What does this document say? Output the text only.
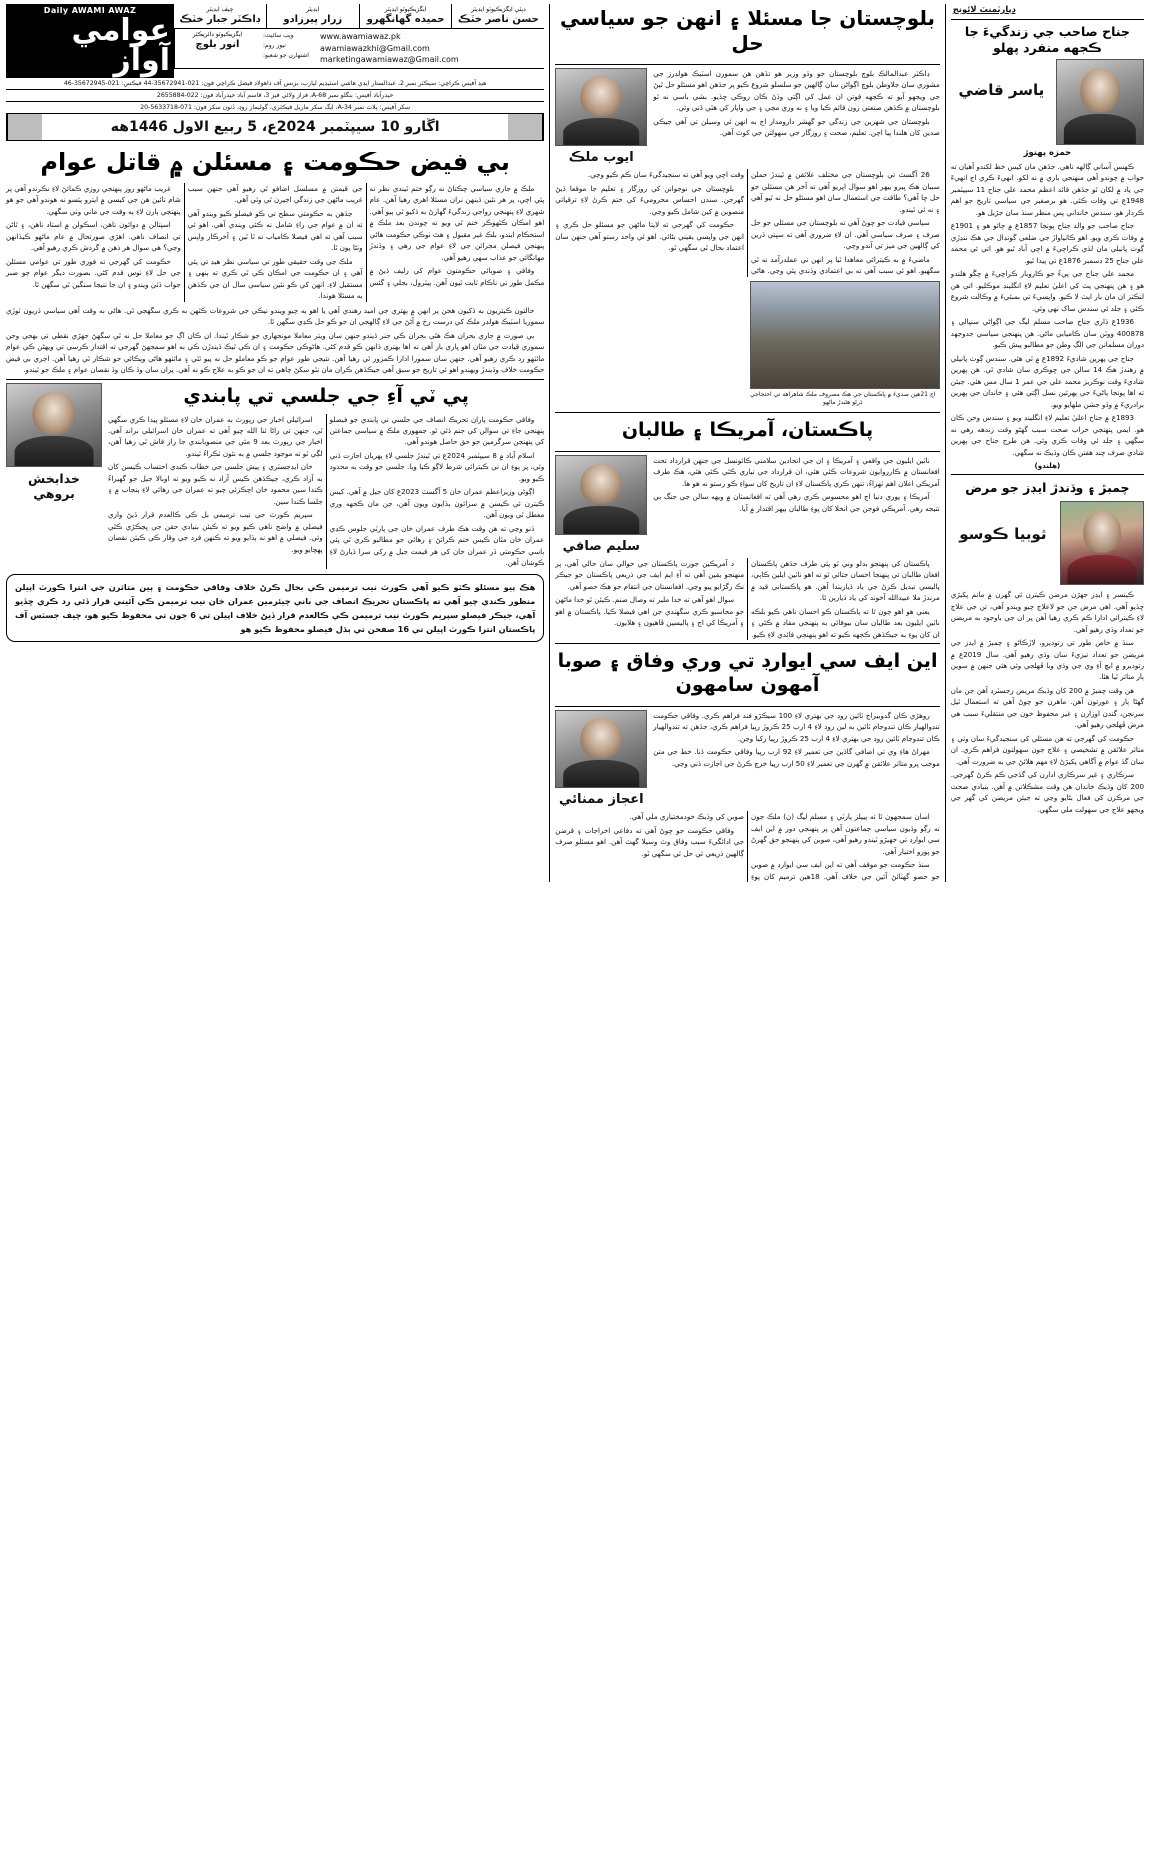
ڊپارٽمنٽ لائونج
جناح صاحب جي زندگيءَ جا ڪجهه منفرد پهلو
ياسر قاضي
حمزه پهنوڙ

ڪهنس آساني ڳالهه ناهي. جڏهن مان کيس خط لکندو آهيان ته جواب ۾ چوندو آهي منهنجي باري ۾ نه لکو. انهيءَ ڪري اڄ انهيءَ جي ياد ۾ لکان ٿو جڏهن قائد اعظم محمد علي جناح 11 سيپٽمبر 1948ع تي وفات ڪئي. هو برصغير جي سياسي تاريخ جو اهم ڪردار هو. سندس خانداني پس منظر سنڌ سان جڙيل هو.

جناح صاحب جو والد جناح پونجا 1857ع ۾ ڄائو هو ۽ 1901ع ۾ وفات ڪري ويو. اهو ڪاٺياواڙ جي ضلعي گونڊال جي هڪ ننڍڙي ڳوٺ پانيلي مان لڏي ڪراچيءَ ۾ اچي آباد ٿيو هو. اتي ئي محمد علي جناح 25 ڊسمبر 1876ع تي پيدا ٿيو.

محمد علي جناح جي پيءُ جو ڪاروبار ڪراچيءَ ۾ چڱو هلندو هو ۽ هن پنهنجي پٽ کي اعليٰ تعليم لاءِ انگلينڊ موڪليو. اتي هن لنڪنز ان مان بار ايٽ لا ڪيو. واپسيءَ تي بمبئيءَ ۾ وڪالت شروع ڪئي ۽ جلد ئي سندس ساک ٺهي وئي.

1936ع ڌاري جناح صاحب مسلم ليگ جي اڳواڻي سنڀالي ۽ 400878 ووٽن سان ڪاميابي ماڻي. هن پنهنجي سياسي جدوجهد دوران مسلمانن جي الڳ وطن جو مطالبو پيش ڪيو.

جناح جي پهرين شاديءَ 1892ع ۾ ٿي هئي. سندس ڳوٺ پانيلي ۾ رهندڙ هڪ 14 سالن جي ڇوڪري سان شادي ٿي. هن پهرين شاديءَ وقت نوڪريز محمد علي جي عمر 1 سال مس هئي. جيئن ته اها پونجا پاڻيءَ جي پهرئين نسل اڳتي هئي ۽ خاندان جي پهرين برادريءَ ۾ وڏو جشن ملهايو ويو.

1893ع ۾ جناح اعليٰ تعليم لاءِ انگلينڊ ويو ۽ سندس وحن ڪان هو. ايمي پنهنجي خراب صحت سبب گهڻو وقت زندهه رهي نه سگهي ۽ جلد ئي وفات ڪري وئي. هن طرح جناح جي پهرين شادي صرف چند هفتن ڪان وڌيڪ نه سگهي.

(هلندو)

چمبڙ ۽ وڌندڙ ايڊز جو مرض
ثوبيا ڪوسو

ڪينسر ۽ ايڊز جهڙن مرضن ڪيترن ئي گهرن ۾ ماتم پکيڙي ڇڏيو آهي. اهي مرض جن جو لاعلاج چيو ويندو آهي، تن جي علاج لاءِ ڪيترائي ادارا ڪم ڪري رهيا آهن پر ان جي باوجود به مريضن جو تعداد وڌي رهيو آهي.

سنڌ ۾ خاص طور تي رتوديرو، لاڙڪاڻو ۽ چمبڙ ۾ ايڊز جي مريضن جو تعداد تيزيءَ سان وڌي رهيو آهي. سال 2019ع ۾ رتوديرو ۾ ايڇ آءِ وي جي وڏي وبا ڦهلجي وئي هئي جنهن ۾ سوين ٻار متاثر ٿيا هئا.

هن وقت چمبڙ ۾ 200 کان وڌيڪ مريض رجسٽرڊ آهن جن مان گهڻا ٻار ۽ عورتون آهن. ماهرن جو چوڻ آهي ته استعمال ٿيل سرنجن، گندن اوزارن ۽ غير محفوظ خون جي منتقليءَ سبب هي مرض ڦهلجي رهيو آهي.

حڪومت کي گهرجي ته هن مسئلي کي سنجيدگيءَ سان وٺي ۽ متاثر علائقن ۾ تشخيصي ۽ علاج جون سهولتون فراهم ڪري. ان سان گڏ عوام ۾ آگاهي پکيڙڻ لاءِ مهم هلائڻ جي به ضرورت آهي.

سرڪاري ۽ غير سرڪاري ادارن کي گڏجي ڪم ڪرڻ گهرجي. 200 کان وڌيڪ خاندان هن وقت مشڪلاتن ۾ آهن. بنيادي صحت جي مرڪزن کي فعال بڻايو وڃي ته جيئن مريضن کي گهر جي ويجهو علاج جي سهولت ملي سگهي.

بلوچستان جا مسئلا ۽ انهن جو سياسي حل

ڊاڪٽر عبدالمالڪ بلوچ بلوچستان جو وڏو وزير هو تڏهن هن سمورن اسٽيڪ هولڊرز جي مشوري سان جلاوطن بلوچ اڳواڻن سان ڳالهين جو سلسلو شروع ڪيو پر جڏهن اهو مسئلو حل ٿيڻ جي ويجهو آيو ته ڪجهه قوتن ان عمل کي اڳتي وڌڻ ڪان روڪي ڇڏيو. بشي باسي نه ٿو بلوچستان ۾ ڪڏهن صنعتي زون قائم ڪيا ويا ۽ نه وري مڃي ۽ جي واپار کي هٿي ڏني وئي.

بلوچستان جي شهرين جي زندگي جو گهشر دارومدار اڄ به انهن ئي وسيلن تي آهي جيڪي صدين کان هلندا پيا اچن. تعليم، صحت ۽ روزگار جي سهولتن جي کوٽ آهي.

ايوب ملڪ

26 آگسٽ تي بلوچستان جي مختلف علائقن ۾ ٿيندڙ حملن سببان هڪ ڀيرو ٻيهر اهو سوال اڀريو آهي ته آخر هن مسئلي جو حل ڇا آهي؟ طاقت جي استعمال سان اهو مسئلو حل نه ٿيو آهي ۽ نه ئي ٿيندو.

سياسي قيادت جو چوڻ آهي ته بلوچستان جي مسئلي جو حل صرف ۽ صرف سياسي آهي. ان لاءِ ضروري آهي ته سڀني ڌرين کي ڳالهين جي ميز تي آندو وڃي.

ماضيءَ ۾ به ڪيترائي معاهدا ٿيا پر انهن تي عملدرآمد نه ٿي سگهيو. اهو ئي سبب آهي ته بي اعتمادي وڌندي پئي وڃي. هاڻي وقت اچي ويو آهي ته سنجيدگيءَ سان ڪم ڪيو وڃي.

بلوچستان جي نوجوانن کي روزگار ۽ تعليم جا موقعا ڏيڻ گهرجن. سندن احساس محروميءَ کي ختم ڪرڻ لاءِ ترقياتي منصوبن ۾ کين شامل ڪيو وڃي.

حڪومت کي گهرجي ته لاپتا ماڻهن جو مسئلو حل ڪري ۽ انهن جي واپسي يقيني بڻائي. اهو ئي واحد رستو آهي جنهن سان اعتماد بحال ٿي سگهي ٿو.

اڄ 21هين صديءَ ۾ پاڪستان جي هڪ مصروف ملڪ شاهراهه تي احتجاجي ڌرڻو هڻندڙ ماڻهو
پاڪستان، آمريڪا ۽ طالبان

ناٽين ايليون جي واقعي ۽ آمريڪا ۽ ان جي اتحادين سلامتي ڪائونسل جي جنهن قرارداد تحت افغانستان ۾ ڪارروايون شروعات ڪئي هئي، ان قرارداد جي تياري ڪٿي ڪئي هئي، هڪ طرف آمريڪي اعلان اهم ٺهراءُ، تنهن ڪري پاڪستان لاءِ ان تاريخ کان سواءِ ڪو رستو نه هو ها.

آمريڪا ۽ پوري دنيا اڄ اهو محسوس ڪري رهي آهي ته افغانستان ۾ ويهه سالن جي جنگ بي نتيجه رهي. آمريڪي فوجن جي انخلا کان پوءِ طالبان ٻيهر اقتدار ۾ آيا.

سليم صافي

پاڪستان کي پنهنجو بدلو وني ٿو پئي طرف جڏهن پاڪستان افغان طالبان تي پنهنجا احسان جتائي ٿو ته اهو ناٽين ايلين ڪاٻي، پاليسي تبديل ڪرڻ جي ياد ڏياريندا آهن. هو پاڪستاني قيد ۾ مرندڙ ملا عبيدالله آخوند کي ياد ڏيارين ٿا.

يعني هو اهو چون ٿا ته پاڪستان ڪو احسان ناهي ڪيو بلڪه ناٽين ايليون بعد طالبان سان بيوفائي به پنهنجي مفاد ۾ ڪئي ۽ ان کان پوءِ به جيڪڏهن ڪجهه ڪيو ته اهو پنهنجي فائدي لاءِ ڪيو.

د آمريڪين جورت پاڪستان جي حوالي سان حالي آهي، پر منهنجو يقين آهي ته آءِ ايم ايف جي ذريعي پاڪستان جو جيڪر نڪ رگڙايو پيو وڃي. افغانستان جي انتقام جو هڪ حصو آهي.

سوال اهو آهي ته خدا ملير ته وصال صنم. ڪيئن ٿو خدا ماڻهن جو محاسبو ڪري سگهندي جن اهي فيصلا ڪيا. پاڪستان ۾ اهو ۽ آمريڪا کي اڄ ۽ پاليسين ڦاهيون ۽ هلايون.

اين ايف سي ايوارڊ تي وري وفاق ۽ صوبا آمهون سامهون

روهڙي ڪان گدوبيراج ٽائين روڊ جي بهتري لاءِ 100 سيڪڙو فند فراهم ڪري. وفاقي حڪومت تنڊوالهيار ڪان تنڊوجام ٽائين به لين روڊ لاءِ 4 ارب 25 ڪروڙ رپيا فراهم ڪري، جڏهن ته تنڊوالهيار ڪان تنڊوجام ٽائين روڊ جي بهتري لاءِ 4 ارب 25 ڪروڙ رپيا رکيا وڃن.

مهراڻ هاءِ وي تي اضافي گاڏين جي تعمير لاءِ 92 ارب رپيا وفاقي حڪومت ڏنا. خط جي متن موجب ڀرو متاثر علائقن ۾ گهرن جي تعمير لاءِ 50 ارب رپيا خرچ ڪرڻ جي اجازت ڏني وڃي.

اعجاز ممنائي

اسان سمجهون ٿا ته پيپلز پارٽي ۽ مسلم ليگ (ن) ملڪ جون نه رڳو وڏيون سياسي جماعتون آهن پر پنهنجي دور ۾ اين ايف سي ايوارڊ تي جهيڙو ٽيندو رهيو آهي، صوبن کي پنهنجو حق گهرڻ جو پورو اختيار آهي.

سنڌ حڪومت جو موقف آهي ته اين ايف سي ايوارڊ ۾ صوبن جو حصو گهٽائڻ آئين جي خلاف آهي. 18هين ترميم کان پوءِ صوبن کي وڌيڪ خودمختياري ملي آهي.

وفاقي حڪومت جو چوڻ آهي ته دفاعي اخراجات ۽ قرضن جي ادائگيءَ سبب وفاق وٽ وسيلا گهٽ آهن. اهو مسئلو صرف ڳالهين ذريعي ئي حل ٿي سگهي ٿو.

ڊپٽي ايگزيڪيوٽو ايڊيٽر
حسن ناصر خٽڪ
ايگزيڪيوٽو ايڊيٽر
حميده گهانگهرو
ايڊيٽر
زرار پيرزادو
چيف ايڊيٽر
ڊاڪٽر جبار خٽڪ
www.awamiawaz.pk
awamiawazkhi@Gmail.com
marketingawamiawaz@Gmail.com
ويب سائيٽ:
نيوز روم:
اشتهارن جو شعبو:
ايگزيڪيوٽو ڊائريڪٽر
انور بلوچ
Daily AWAMI AWAZ
عوامي آواز
هيڊ آفيس ڪراچي: سيڪٽر نمبر 2، عبدالستار ايڊي هاشي اسٽيڊيم ليارٻ، بزنس آف ڊاهولاڊ فيصل ڪراچي فون: 021-35672941-44 فيڪس: 021-35672945-46
حيدرآباد آفيس: بنگلو نمبر A-68، فراز ولائي فيز 3، قاسم آباد حيدرآباد فون: 022-2655884
سکر آفيس: پلاٽ نمبر A-34، ايگ سکر ماريل فيڪٽري، گوليمار روڊ، ڏٺون سکر فون: 071-5633718-20
اڱارو 10 سيپٽمبر 2024ع، 5 ربيع الاول 1446هه
بي فيض حڪومت ۽ مسئلن ۾ قاتل عوام

ملڪ ۾ جاري سياسي چڪتاڻ نه رڳو ختم ٿيندي نظر نه پئي اچي، پر هر نئين ڏينهن نران مسئلا اهري رهيا آهن. عام شهري لاءِ پنهنجي رواجي زندگيءَ گهارڻ به ڏکيو ٿي پيو آهي. اهو امڪان ڪٿهوڪر ختم ٿي ويو ته چوندن بعد ملڪ ۾ استحڪام ايندو، بلڪ غير مقبول ۽ هٿ ٺوڪي حڪومت هاڻي پنهنجن فيصلن مجرائن جي لاءِ عوام جي رهي ۽ وڌندڙ مهانگائي جو عذاب سهي رهيو آهي.

وفاقي ۽ صوبائي حڪومتون عوام کي رليف ڏيڻ ۾ مڪمل طور تي ناڪام ثابت ٿيون آهن. پيٽرول، بجلي ۽ گئس جي قيمتن ۾ مسلسل اضافو ٿي رهيو آهي جنهن سبب غريب ماڻهن جي زندگي اجيرن ٿي وئي آهي.

جڏهن به حڪومتي سطح تي ڪو فيصلو ڪيو ويندو آهي ته ان ۾ عوام جي راءِ شامل نه ڪئي ويندي آهي. اهو ئي سبب آهي ته اهي فيصلا ڪامياب نه ٿا ٿين ۽ آخرڪار واپس وٺڻا پون ٿا.

ملڪ جي وقت حقيقي طور تي سياسي نظر هيڊ تي پئي آهي ۽ ان حڪومت جي امڪان ڪي ٿي ڪري ته ٻنهي ۽ مستقبل لاءِ. انهن کي ڪو نئين سياسي سال ان جي ڪڏهن به مسئلا هوندا.

غريب ماڻهو روز پنهنجي روزي ڪمائڻ لاءِ نڪرندو آهي پر شام تائين هن جي کيسي ۾ ايترو پئسو نه هوندو آهي جو هو پنهنجي ٻارن لاءِ ٻه وقت جي ماني وٺي سگهي.

اسپتالن ۾ دوائون ناهن، اسڪولن ۾ استاد ناهن، ۽ ٿاڻن تي انصاف ناهي. اهڙي صورتحال ۾ عام ماڻهو ڪيڏانهن وڃي؟ هي سوال هر ذهن ۾ گردش ڪري رهيو آهي.

حڪومت کي گهرجي ته فوري طور تي عوامي مسئلن جي حل لاءِ ٺوس قدم کڻي. بصورت ديگر عوام جو صبر جواب ڏئي ويندو ۽ ان جا نتيجا سنگين ٿي سگهن ٿا.

حالتون ڪيتريون به ڏکيون هجن پر انهن ۾ بهتري جي اميد رهندي آهي يا اهو به چيو ويندو نيڪي جي شروعات ڪٿهن به ڪري سگهجي ٿي. هاڻي به وقت آهي سياسي ڌريون ٽوڙي سموريا اسٽيڪ هولڊر ملڪ کي درست رخ ۾ آڻڻ جي لاءِ ڳالهجي ان جو ڪو حل ڪڍي سگهن ٿا.

بي صورت ۾ جاري بحران هڪ هٿي بحران ڪي جنر ڏيندو جنهن سان ويتر معاملا مونجهاري جو شڪار ٿيندا. ان ڪان اڳ جو معاملا حل نه ٿي سگهڻ جهڙي نقطي تي بهجي وحن سموري قيادت جي مٿان اهو ڀاري بار آهي ته اها بهتري ڏانهن ڪو قدم کڻي. هاڻوڪي حڪومت ۽ ان ڪي ٿيڪ ڏيندڙن ڪي به اهو سمجهڻ گهرجي ته اقتدار ڪرسي تي ويهڻن ڪي عوام مائٺهو رد ڪري رهيو آهي. جنهن سان سمورا ادارا ڪمزور ٿي رهيا آهن. نتيجي طور عوام جو ڪو معاملو حل نه پيو ٿئي ۽ مائٺهو هاڻي ويڪائي جو شڪار ٿي رهيا آهن. اڄري بي فيض حڪومت خلاف وڌيندڙ ويهندو اهو ئي تاريخ جو سبق آهي جيڪڏهن ڪران مان نٿو سکڻ چاهي ته ان جو ڪو به علاج ڪو نه آهي. پران سان وڏ ڪان وڏ نقصان عوام ۽ ملڪ جو ٿيندو.

پي ٽي آءِ جي جلسي تي پابندي

وفاقي حڪومت پاران تحريڪ انصاف جي جلسي تي پابندي جو فيصلو پنهنجي جاءِ تي سوالن کي جنم ڏئي ٿو. جمهوري ملڪ ۾ سياسي جماعتن کي پنهنجن سرگرمين جو حق حاصل هوندو آهي.

اسلام آباد ۾ 8 سيپٽمبر 2024ع تي ٿيندڙ جلسي لاءِ پهريان اجازت ڏني وئي، پر پوءِ ان تي ڪيترائي شرط لاڳو ڪيا ويا. جلسي جو وقت به محدود ڪيو ويو.

اڳوڻي وزيراعظم عمران خان 5 آگسٽ 2023ع کان جيل ۾ آهي. کيس ڪيترن ئي ڪيسن ۾ سزائون ٻڌايون ويون آهن، جن مان ڪجهه وري معطل ٿي ويون آهن.

ڌنو وڃي ته هن وقت هڪ طرف عمران خان جي پارٽي جلوس ڪڍي عمران خان مٿان ڪيس ختم ڪرائڻ ۽ رهائي جو مطالبو ڪري ٿي پئي باسي حڪومتي ڌر عمران خان کي هر قيمت جيل ۾ رکي سزا ڏيارڻ لاءِ ڪوشان آهن.

اسرائيلي اخبار جي رپورٽ به عمران خان لاءِ مسئلو پيدا ڪري سگهي ٿي، جنهن تي راڻا ثنا الله چيو آهي ته عمران خان اسرائيلي برانڊ آهي. اخبار جي رپورٽ بعد 9 مئي جي منصوبابندي جا راز فاش ٿي رهيا آهن، لڳي ٿو ته موجود جلسي ۾ به نئون ٽڪراءُ ٿيندو.

خان ايڊجسٽري ۽ پيش جلسي جي خطاب ڪندي احتساب ڪيسن کان به آزاد ڪري، جيڪڏهن ڪيس آزاد نه ڪيو ويو ته اوبالا جيل جو گهيراءُ ڪندا سين محمود خان اچڪزئي چيو ته عمران جي رهائي لاءِ پنجاب ۾ ۽ جلسا ڪندا سين.

سپريم ڪورٽ جي نيب ترميمي بل ڪي ڪالعدم قرار ڏيڻ واري فيصلي ۾ واضح ناهي ڪيو ويو ته ڪيئن بنيادي حقن جي ڀڃڪڙي ڪٿي وئي. فيصلي ۾ اهو نه ٻڌايو ويو ته ڪنهن فرد جي وقار ڪي ڪيئن نقصان پهچايو ويو.

خدابخش بروهي
هڪ ٻيو مسئلو ڪٽو ڪيو آهي ڪورٽ نيب ترميمن ڪي بحال ڪرڻ خلاف وفاقي حڪومت ۽ ٻين متاثرن جي انترا ڪورٽ اپيلن منظور ڪندي چيو آهي ته پاڪستان تحريڪ انصاف جي باني چيئرمين عمران خان نيب ترميمن ڪي آئيني قرار ڏئي رد ڪري ڇڏيو آهي، جيڪر فيصلو سپريم ڪورٽ نيب ترميمن ڪي ڪالعدم قرار ڏيڻ خلاف اپيلن تي 6 جون تي محفوظ ڪيو هو، چيف جسٽس آف پاڪستان انترا ڪورٽ اپيلن تي 16 صفحن تي ٻڌل فيصلو محفوظ ڪيو هو
